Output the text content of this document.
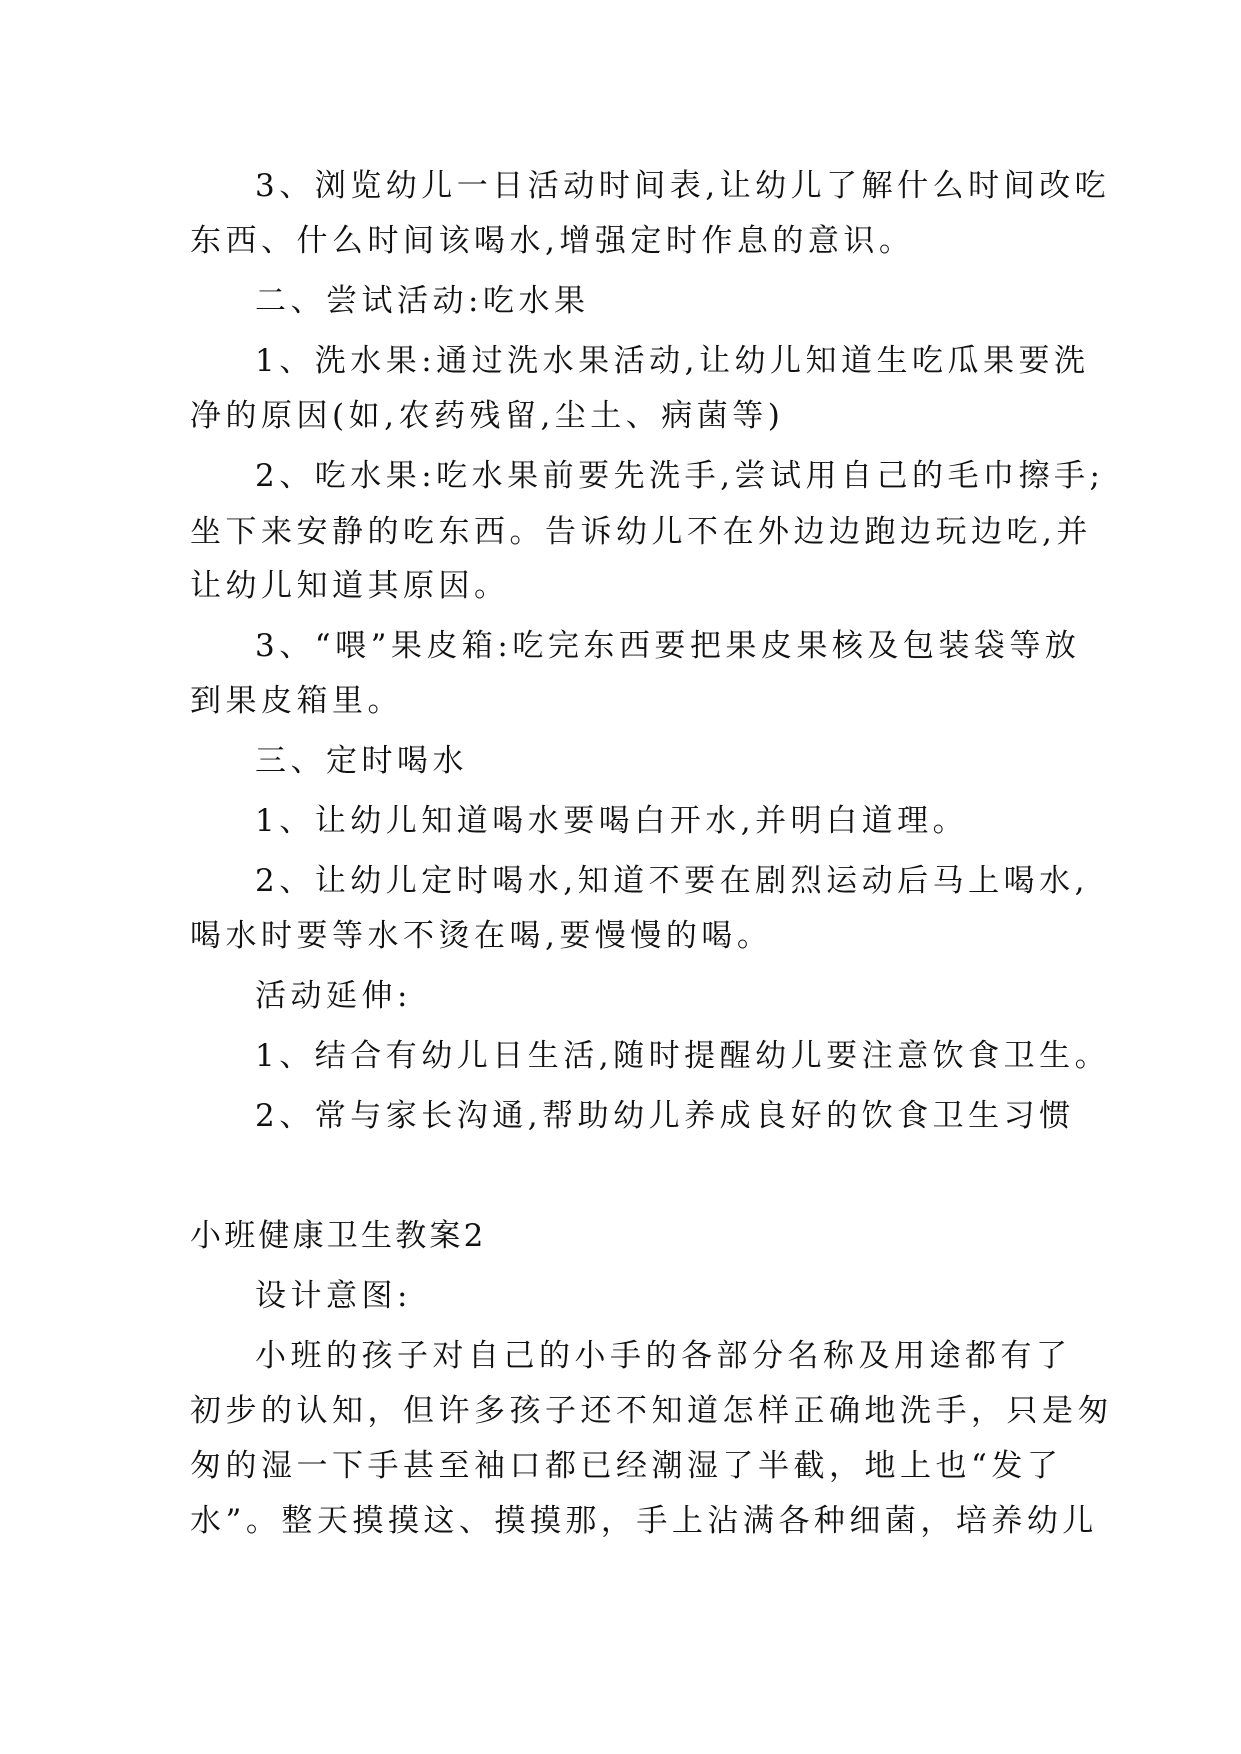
3、浏览幼儿一日活动时间表,让幼儿了解什么时间改吃
东西、什么时间该喝水,增强定时作息的意识。
二、尝试活动:吃水果
1、洗水果:通过洗水果活动,让幼儿知道生吃瓜果要洗
净的原因(如,农药残留,尘土、病菌等)
2、吃水果:吃水果前要先洗手,尝试用自己的毛巾擦手;
坐下来安静的吃东西。告诉幼儿不在外边边跑边玩边吃,并
让幼儿知道其原因。
3、“喂”果皮箱:吃完东西要把果皮果核及包装袋等放
到果皮箱里。
三、定时喝水
1、让幼儿知道喝水要喝白开水,并明白道理。
2、让幼儿定时喝水,知道不要在剧烈运动后马上喝水,
喝水时要等水不烫在喝,要慢慢的喝。
活动延伸:
1、结合有幼儿日生活,随时提醒幼儿要注意饮食卫生。
2、常与家长沟通,帮助幼儿养成良好的饮食卫生习惯
小班健康卫生教案2
设计意图:
小班的孩子对自己的小手的各部分名称及用途都有了
初步的认知，但许多孩子还不知道怎样正确地洗手，只是匆
匆的湿一下手甚至袖口都已经潮湿了半截，地上也“发了
水”。整天摸摸这、摸摸那，手上沾满各种细菌，培养幼儿
